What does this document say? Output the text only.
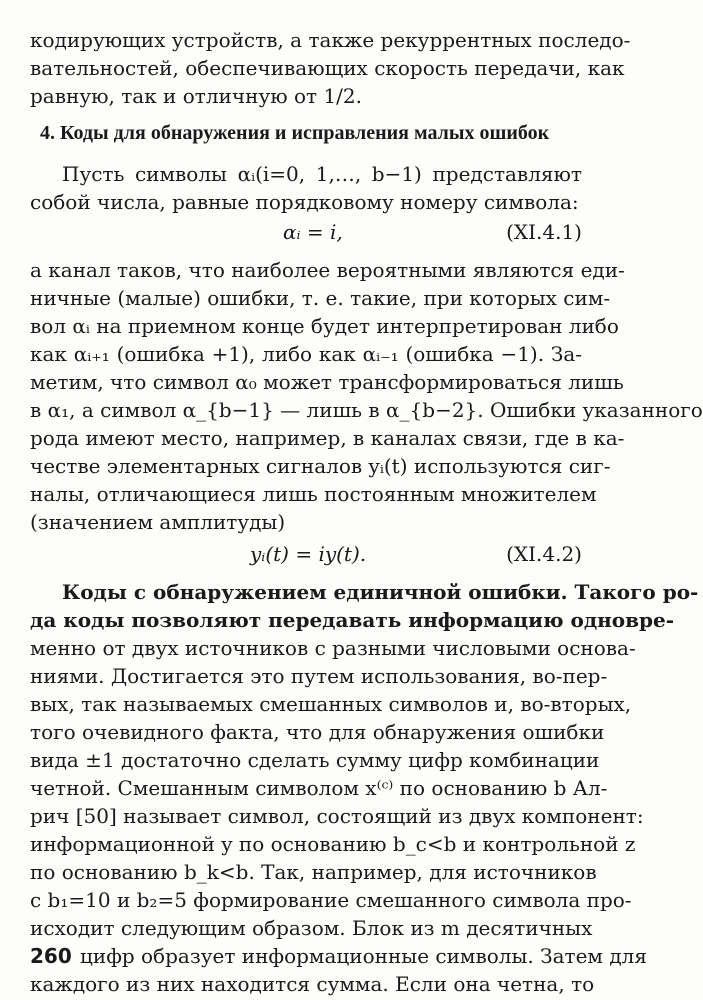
кодирующих устройств, а также рекуррентных последо-
вательностей, обеспечивающих скорость передачи, как
равную, так и отличную от 1/2.
4. Коды для обнаружения и исправления малых ошибок
Пусть символы αᵢ(i=0, 1,…, b−1) представляют
собой числа, равные порядковому номеру символа:
αᵢ = i,	(XI.4.1)
а канал таков, что наиболее вероятными являются еди-
ничные (малые) ошибки, т. е. такие, при которых сим-
вол αᵢ на приемном конце будет интерпретирован либо
как αᵢ₊₁ (ошибка +1), либо как αᵢ₋₁ (ошибка −1). За-
метим, что символ α₀ может трансформироваться лишь
в α₁, а символ α_{b−1} — лишь в α_{b−2}. Ошибки указанного
рода имеют место, например, в каналах связи, где в ка-
честве элементарных сигналов yᵢ(t) используются сиг-
налы, отличающиеся лишь постоянным множителем
(значением амплитуды)
yᵢ(t) = iy(t).	(XI.4.2)
Коды с обнаружением единичной ошибки. Такого ро-
да коды позволяют передавать информацию одновре-
менно от двух источников с разными числовыми основа-
ниями. Достигается это путем использования, во-пер-
вых, так называемых смешанных символов и, во-вторых,
того очевидного факта, что для обнаружения ошибки
вида ±1 достаточно сделать сумму цифр комбинации
четной. Смешанным символом x⁽ᶜ⁾ по основанию b Ал-
рич [50] называет символ, состоящий из двух компонент:
информационной y по основанию b_c<b и контрольной z
по основанию b_k<b. Так, например, для источников
с b₁=10 и b₂=5 формирование смешанного символа про-
исходит следующим образом. Блок из m десятичных
цифр образует информационные символы. Затем для
каждого из них находится сумма. Если она четна, то
260
